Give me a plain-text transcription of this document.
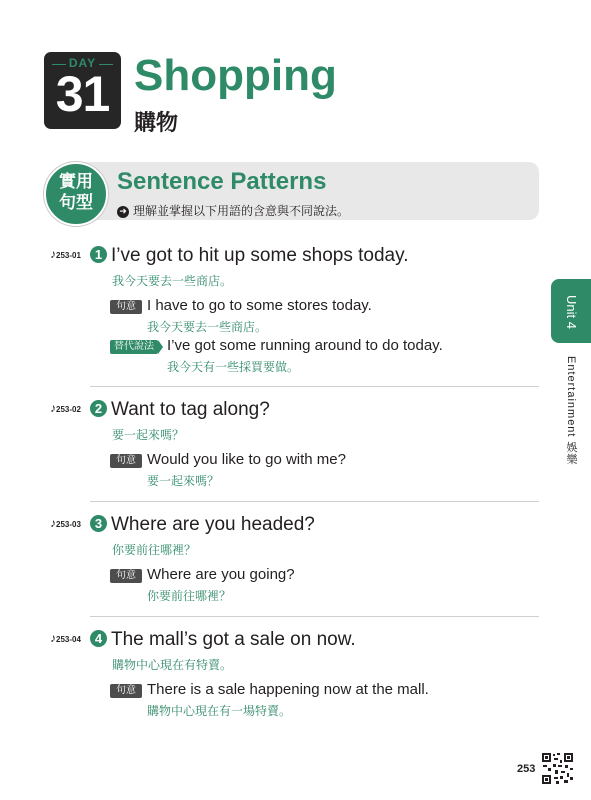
DAY
31 Shopping
購物
實用
句型
Sentence Patterns
➜ 理解並掌握以下用語的含意與不同說法。
♪253-01	1 I’ve got to hit up some shops today.
我今天要去一些商店。
句意 I have to go to some stores today.
我今天要去一些商店。
替代說法 I’ve got some running around to do today.
我今天有一些採買要做。
♪253-02	2 Want to tag along?
要一起來嗎？
句意 Would you like to go with me?
要一起來嗎？
♪253-03	3 Where are you headed?
你要前往哪裡？
句意 Where are you going?
你要前往哪裡？
♪253-04	4 The mall’s got a sale on now.
購物中心現在有特賣。
句意 There is a sale happening now at the mall.
購物中心現在有一場特賣。
Unit 4
Entertainment 娛樂
253
